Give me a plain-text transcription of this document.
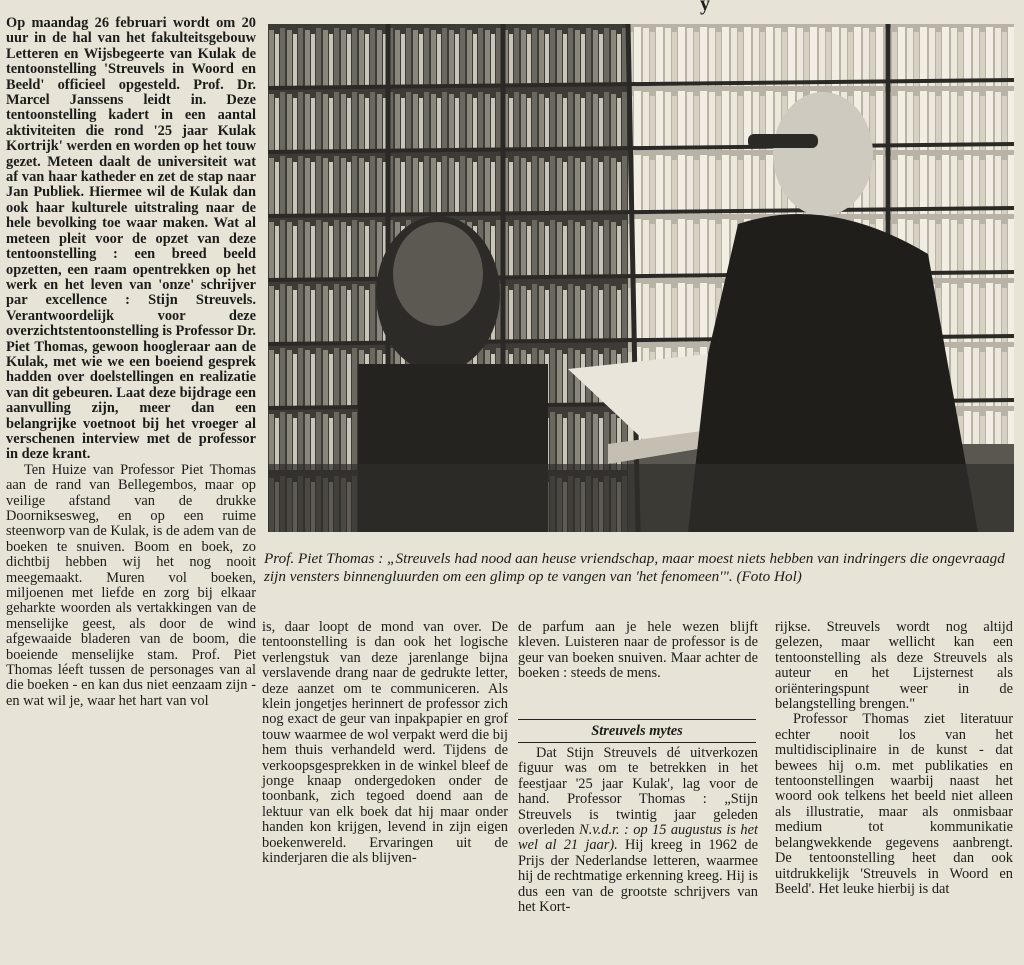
y

Op maandag 26 februari wordt om 20 uur in de hal van het fakulteitsgebouw Letteren en Wijsbegeerte van Kulak de tentoonstelling 'Streuvels in Woord en Beeld' officieel opgesteld. Prof. Dr. Marcel Janssens leidt in. Deze tentoonstelling kadert in een aantal aktiviteiten die rond '25 jaar Kulak Kortrijk' werden en worden op het touw gezet. Meteen daalt de universiteit wat af van haar katheder en zet de stap naar Jan Publiek. Hiermee wil de Kulak dan ook haar kulturele uitstraling naar de hele bevolking toe waar maken. Wat al meteen pleit voor de opzet van deze tentoonstelling : een breed beeld opzetten, een raam opentrekken op het werk en het leven van 'onze' schrijver par excellence : Stijn Streuvels. Verantwoordelijk voor deze overzichtstentoonstelling is Professor Dr. Piet Thomas, gewoon hoogleraar aan de Kulak, met wie we een boeiend gesprek hadden over doelstellingen en realizatie van dit gebeuren. Laat deze bijdrage een aanvulling zijn, meer dan een belangrijke voetnoot bij het vroeger al verschenen interview met de professor in deze krant.

Ten Huize van Professor Piet Thomas aan de rand van Bellegembos, maar op veilige afstand van de drukke Doorniksesweg, en op een ruime steenworp van de Kulak, is de adem van de boeken te snuiven. Boom en boek, zo dichtbij hebben wij het nog nooit meegemaakt. Muren vol boeken, miljoenen met liefde en zorg bij elkaar geharkte woorden als vertakkingen van de menselijke geest, als door de wind afgewaaide bladeren van de boom, die boeiende menselijke stam. Prof. Piet Thomas léeft tussen de personages van al die boeken - en kan dus niet eenzaam zijn - en wat wil je, waar het hart van vol

Prof. Piet Thomas : „Streuvels had nood aan heuse vriendschap, maar moest niets hebben van indringers die ongevraagd zijn vensters binnengluurden om een glimp op te vangen van 'het fenomeen'". (Foto Hol)

is, daar loopt de mond van over. De tentoonstelling is dan ook het logische verlengstuk van deze jarenlange bijna verslavende drang naar de gedrukte letter, deze aanzet om te communiceren. Als klein jongetjes herinnert de professor zich nog exact de geur van inpakpapier en grof touw waarmee de wol verpakt werd die bij hem thuis verhandeld werd. Tijdens de verkoopsgesprekken in de winkel bleef de jonge knaap ondergedoken onder de toonbank, zich tegoed doend aan de lektuur van elk boek dat hij maar onder handen kon krijgen, levend in zijn eigen boekenwereld. Ervaringen uit de kinderjaren die als blijven-

de parfum aan je hele wezen blijft kleven. Luisteren naar de professor is de geur van boeken snuiven. Maar achter de boeken : steeds de mens.

Streuvels mytes

Dat Stijn Streuvels dé uitverkozen figuur was om te betrekken in het feestjaar '25 jaar Kulak', lag voor de hand. Professor Thomas : „Stijn Streuvels is twintig jaar geleden overleden N.v.d.r. : op 15 augustus is het wel al 21 jaar). Hij kreeg in 1962 de Prijs der Nederlandse letteren, waarmee hij de rechtmatige erkenning kreeg. Hij is dus een van de grootste schrijvers van het Kort-

rijkse. Streuvels wordt nog altijd gelezen, maar wellicht kan een tentoonstelling als deze Streuvels als auteur en het Lijsternest als oriënteringspunt weer in de belangstelling brengen."

Professor Thomas ziet literatuur echter nooit los van het multidisciplinaire in de kunst - dat bewees hij o.m. met publikaties en tentoonstellingen waarbij naast het woord ook telkens het beeld niet alleen als illustratie, maar als onmisbaar medium tot kommunikatie belangwekkende gegevens aanbrengt. De tentoonstelling heet dan ook uitdrukkelijk 'Streuvels in Woord en Beeld'. Het leuke hierbij is dat
